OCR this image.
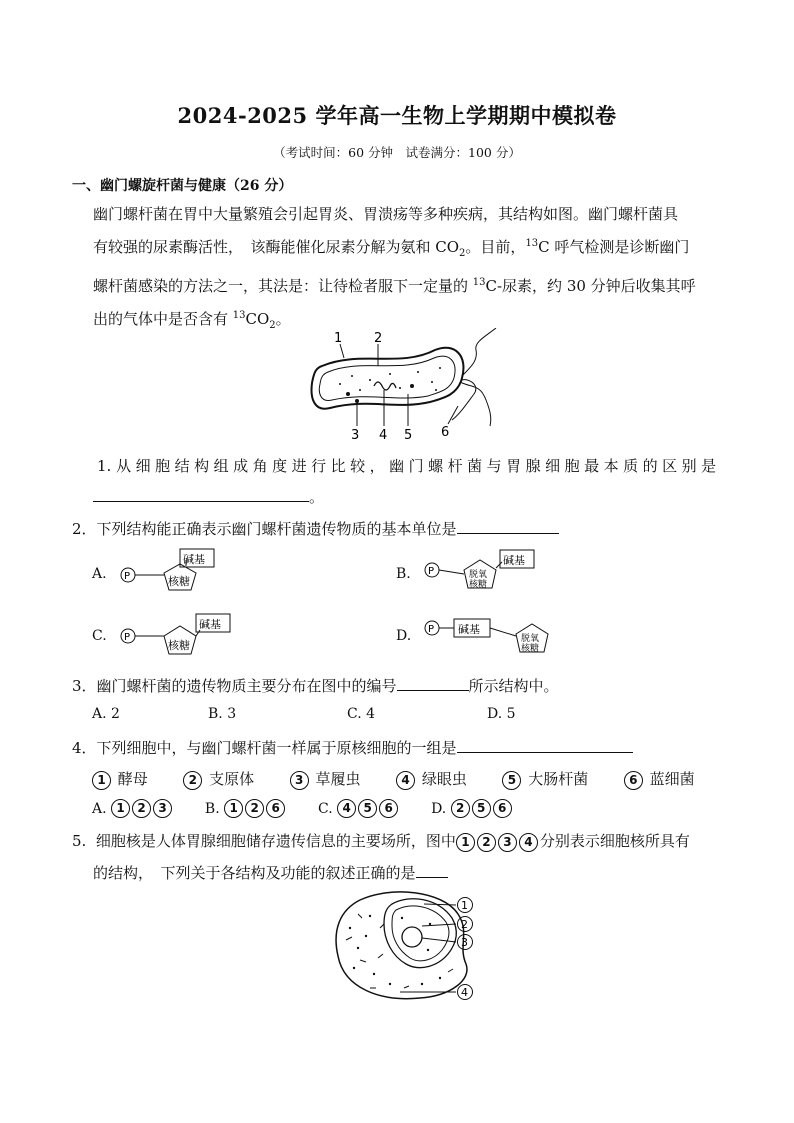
2024-2025 学年高一生物上学期期中模拟卷
（考试时间：60 分钟　试卷满分：100 分）
一、幽门螺旋杆菌与健康（26 分）
幽门螺杆菌在胃中大量繁殖会引起胃炎、胃溃疡等多种疾病，其结构如图。幽门螺杆菌具
有较强的尿素酶活性，　该酶能催化尿素分解为氨和 $CO_2$。目前，$^{13}$C 呼气检测是诊断幽门
螺杆菌感染的方法之一，其法是：让待检者服下一定量的 $^{13}$C-尿素，约 30 分钟后收集其呼
出的气体中是否含有 $^{13}CO_2$。
1 2
3 4 5 6
1. 从细胞结构组成角度进行比较，幽门螺杆菌与胃腺细胞最本质的区别是
。
2．下列结构能正确表示幽门螺杆菌遗传物质的基本单位是
A. P	核糖
碱基
B. P	脱氧
核糖
碱基
C. P
核糖
碱基
D. P 碱基
脱氧
核糖
3．幽门螺杆菌的遗传物质主要分布在图中的编号	所示结构中。
A. 2	B. 3	C. 4	D. 5
4．下列细胞中，与幽门螺杆菌一样属于原核细胞的一组是
1 酵母	2 支原体	3 草履虫	4 绿眼虫	5 大肠杆菌	6 蓝细菌
A. 1 2 3	B. 1 2 6	C. 4 5 6	D. 2 5 6
5. 细胞核是人体胃腺细胞储存遗传信息的主要场所，图中 1 2 3 4 分别表示细胞核所具有
的结构，　下列关于各结构及功能的叙述正确的是
1
2
3
4
